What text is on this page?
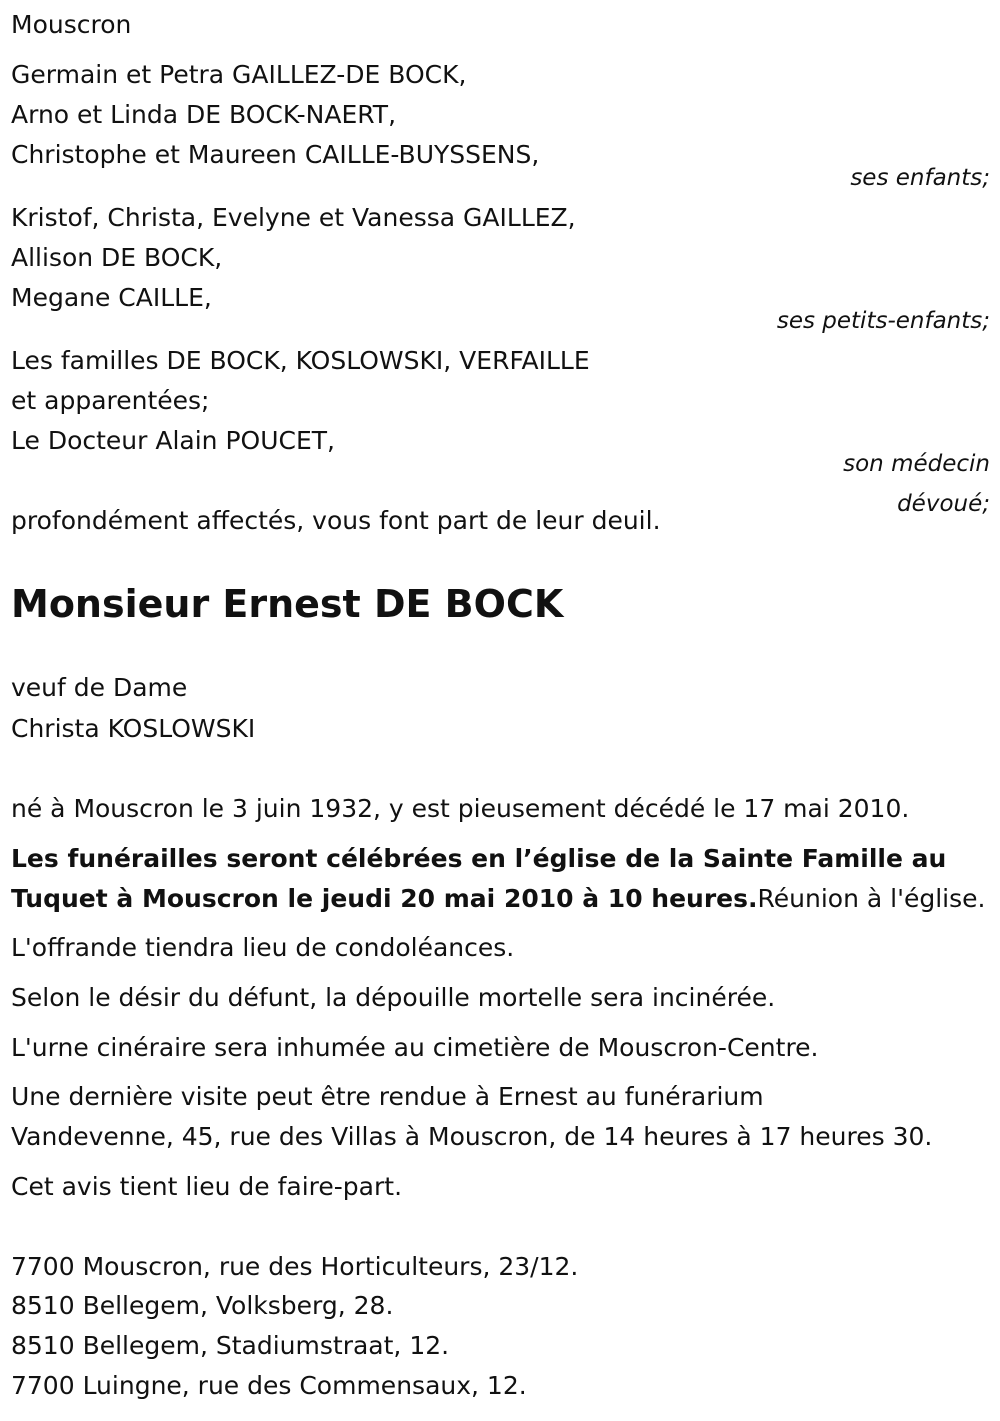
Mouscron
Germain et Petra GAILLEZ-DE BOCK,
Arno et Linda DE BOCK-NAERT,
Christophe et Maureen CAILLE-BUYSSENS,
ses enfants;
Kristof, Christa, Evelyne et Vanessa GAILLEZ,
Allison DE BOCK,
Megane CAILLE,
ses petits-enfants;
Les familles DE BOCK, KOSLOWSKI, VERFAILLE
et apparentées;
Le Docteur Alain POUCET,
son médecin
dévoué;
profondément affectés, vous font part de leur deuil.
Monsieur Ernest DE BOCK
veuf de Dame
Christa KOSLOWSKI
né à Mouscron le 3 juin 1932, y est pieusement décédé le 17 mai 2010.
Les funérailles seront célébrées en l’église de la Sainte Famille au
Tuquet à Mouscron le jeudi 20 mai 2010 à 10 heures.Réunion à l'église.
L'offrande tiendra lieu de condoléances.
Selon le désir du défunt, la dépouille mortelle sera incinérée.
L'urne cinéraire sera inhumée au cimetière de Mouscron-Centre.
Une dernière visite peut être rendue à Ernest au funérarium
Vandevenne, 45, rue des Villas à Mouscron, de 14 heures à 17 heures 30.
Cet avis tient lieu de faire-part.
7700 Mouscron, rue des Horticulteurs, 23/12.
8510 Bellegem, Volksberg, 28.
8510 Bellegem, Stadiumstraat, 12.
7700 Luingne, rue des Commensaux, 12.
